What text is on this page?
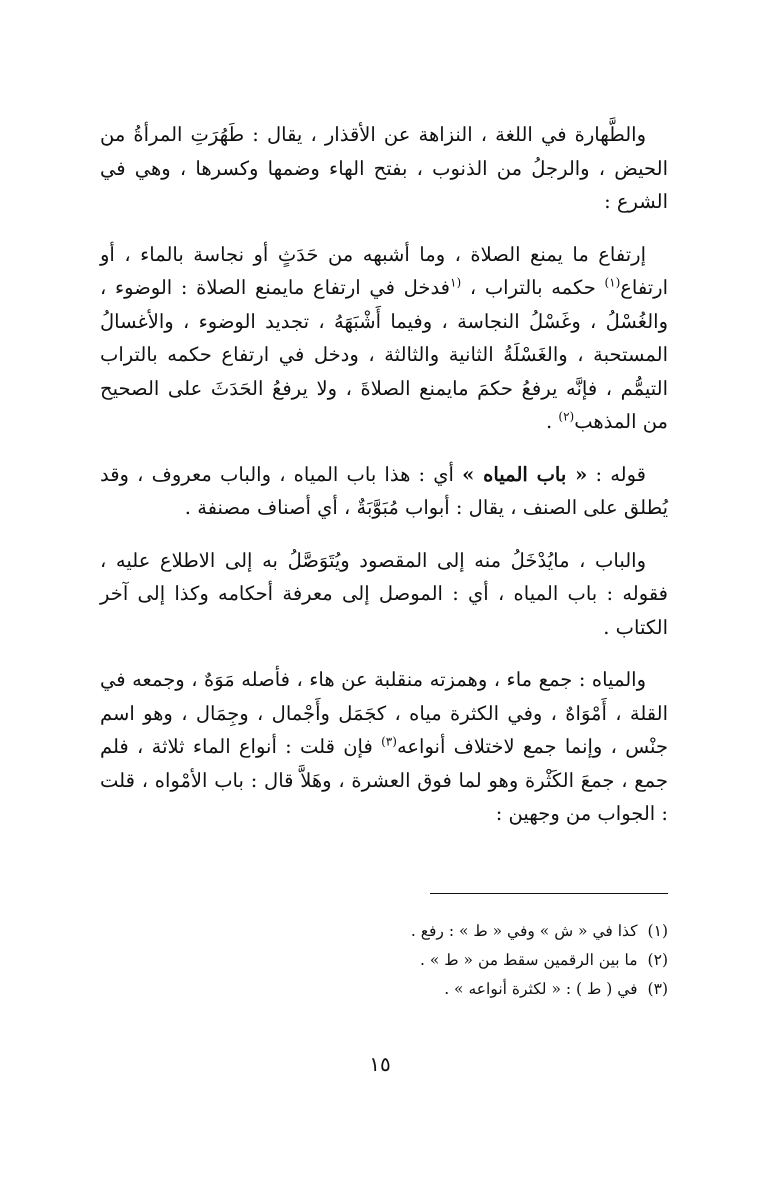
والطَّهارة في اللغة ، النزاهة عن الأقذار ، يقال : طَهُرَتِ المرأةُ من الحيض ، والرجلُ من الذنوب ، بفتح الهاء وضمها وكسرها ، وهي في الشرع :

إرتفاع ما يمنع الصلاة ، وما أشبهه من حَدَثٍ أو نجاسة بالماء ، أو ارتفاع$^{(١)}$ حكمه بالتراب ، $^{(١}$فدخل في ارتفاع مايمنع الصلاة : الوضوء ، والغُسْلُ ، وغَسْلُ النجاسة ، وفيما أَشْبَهَهُ ، تجديد الوضوء ، والأغسالُ المستحبة ، والغَسْلَةُ الثانية والثالثة ، ودخل في ارتفاع حكمه بالتراب التيمُّم ، فإنَّه يرفعُ حكمَ مايمنع الصلاةَ ، ولا يرفعُ الحَدَثَ على الصحيح من المذهب$^{(٢)}$ .

قوله : « باب المياه » أي : هذا باب المياه ، والباب معروف ، وقد يُطلق على الصنف ، يقال : أبواب مُبَوَّبَةٌ ، أي أصناف مصنفة .

والباب ، مايُدْخَلُ منه إلى المقصود ويُتَوَصَّلُ به إلى الاطلاع عليه ، فقوله : باب المياه ، أي : الموصل إلى معرفة أحكامه وكذا إلى آخر الكتاب .

والمياه : جمع ماء ، وهمزته منقلبة عن هاء ، فأصله مَوَهٌ ، وجمعه في القلة ، أَمْوَاهٌ ، وفي الكثرة مياه ، كجَمَل وأَجْمال ، وجِمَال ، وهو اسم جنْس ، وإنما جمع لاختلاف أنواعه$^{(٣)}$ فإن قلت : أنواع الماء ثلاثة ، فلم جمع ، جمعَ الكَثْرة وهو لما فوق العشرة ، وهَلاَّ قال : باب الأمْواه ، قلت : الجواب من وجهين :

(١)كذا في « ش » وفي « ط » : رفع .

(٢)ما بين الرقمين سقط من « ط » .

(٣)في ( ط ) : « لكثرة أنواعه » .

١٥
